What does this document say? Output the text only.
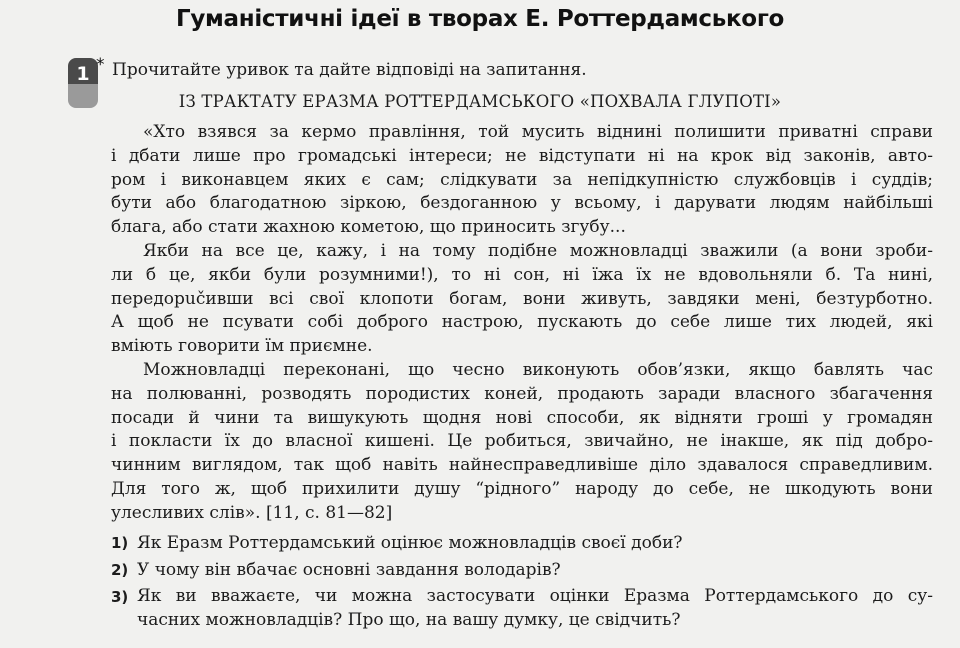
Гуманістичні ідеї в творах Е. Роттердамського
1 * Прочитайте уривок та дайте відповіді на запитання.
ІЗ ТРАКТАТУ ЕРАЗМА РОТТЕРДАМСЬКОГО «ПОХВАЛА ГЛУПОТІ»
«Хто взявся за кермо правління, той мусить віднині полишити приватні справи
і дбати лише про громадські інтереси; не відступати ні на крок від законів, авто-
ром і виконавцем яких є сам; слідкувати за непідкупністю службовців і суддів;
бути або благодатною зіркою, бездоганною у всьому, і дарувати людям найбільші
блага, або стати жахною кометою, що приносить згубу...
Якби на все це, кажу, і на тому подібне можновладці зважили (а вони зроби-
ли б це, якби були розумними!), то ні сон, ні їжа їх не вдовольняли б. Та нині,
передорučивши всі свої клопоти богам, вони живуть, завдяки мені, безтурботно.
А щоб не псувати собі доброго настрою, пускають до себе лише тих людей, які
вміють говорити їм приємне.
Можновладці переконані, що чесно виконують обов’язки, якщо бавлять час
на полюванні, розводять породистих коней, продають заради власного збагачення
посади й чини та вишукують щодня нові способи, як відняти гроші у громадян
і покласти їх до власної кишені. Це робиться, звичайно, не інакше, як під добро-
чинним виглядом, так щоб навіть найнесправедливіше діло здавалося справедливим.
Для того ж, щоб прихилити душу “рідного” народу до себе, не шкодують вони
улесливих слів». [11, с. 81—82]
1) Як Еразм Роттердамський оцінює можновладців своєї доби?
2) У чому він вбачає основні завдання володарів?
3) Як ви вважаєте, чи можна застосувати оцінки Еразма Роттердамського до су-
часних можновладців? Про що, на вашу думку, це свідчить?
